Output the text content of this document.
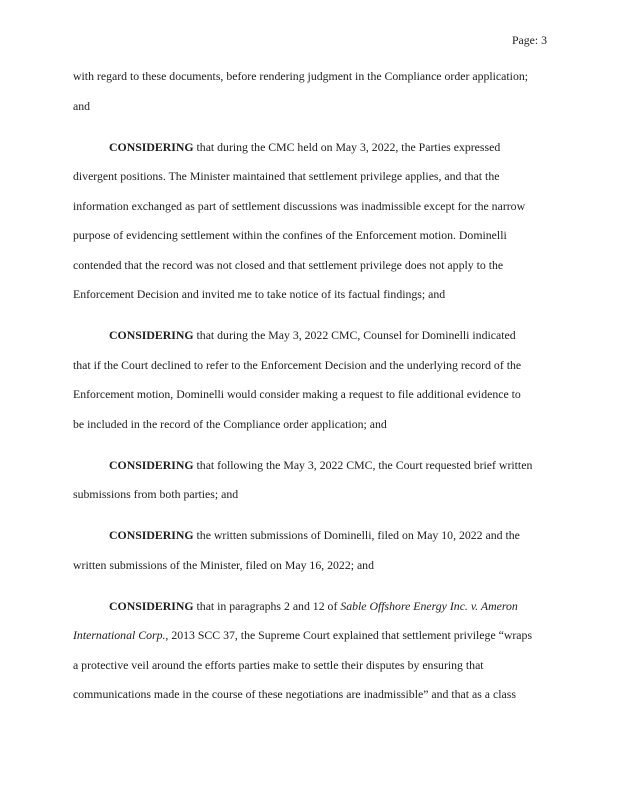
Page: 3

with regard to these documents, before rendering judgment in the Compliance order application;
and

CONSIDERING that during the CMC held on May 3, 2022, the Parties expressed
divergent positions. The Minister maintained that settlement privilege applies, and that the
information exchanged as part of settlement discussions was inadmissible except for the narrow
purpose of evidencing settlement within the confines of the Enforcement motion. Dominelli
contended that the record was not closed and that settlement privilege does not apply to the
Enforcement Decision and invited me to take notice of its factual findings; and

CONSIDERING that during the May 3, 2022 CMC, Counsel for Dominelli indicated
that if the Court declined to refer to the Enforcement Decision and the underlying record of the
Enforcement motion, Dominelli would consider making a request to file additional evidence to
be included in the record of the Compliance order application; and

CONSIDERING that following the May 3, 2022 CMC, the Court requested brief written
submissions from both parties; and

CONSIDERING the written submissions of Dominelli, filed on May 10, 2022 and the
written submissions of the Minister, filed on May 16, 2022; and

CONSIDERING that in paragraphs 2 and 12 of Sable Offshore Energy Inc. v. Ameron
International Corp., 2013 SCC 37, the Supreme Court explained that settlement privilege “wraps
a protective veil around the efforts parties make to settle their disputes by ensuring that
communications made in the course of these negotiations are inadmissible” and that as a class
